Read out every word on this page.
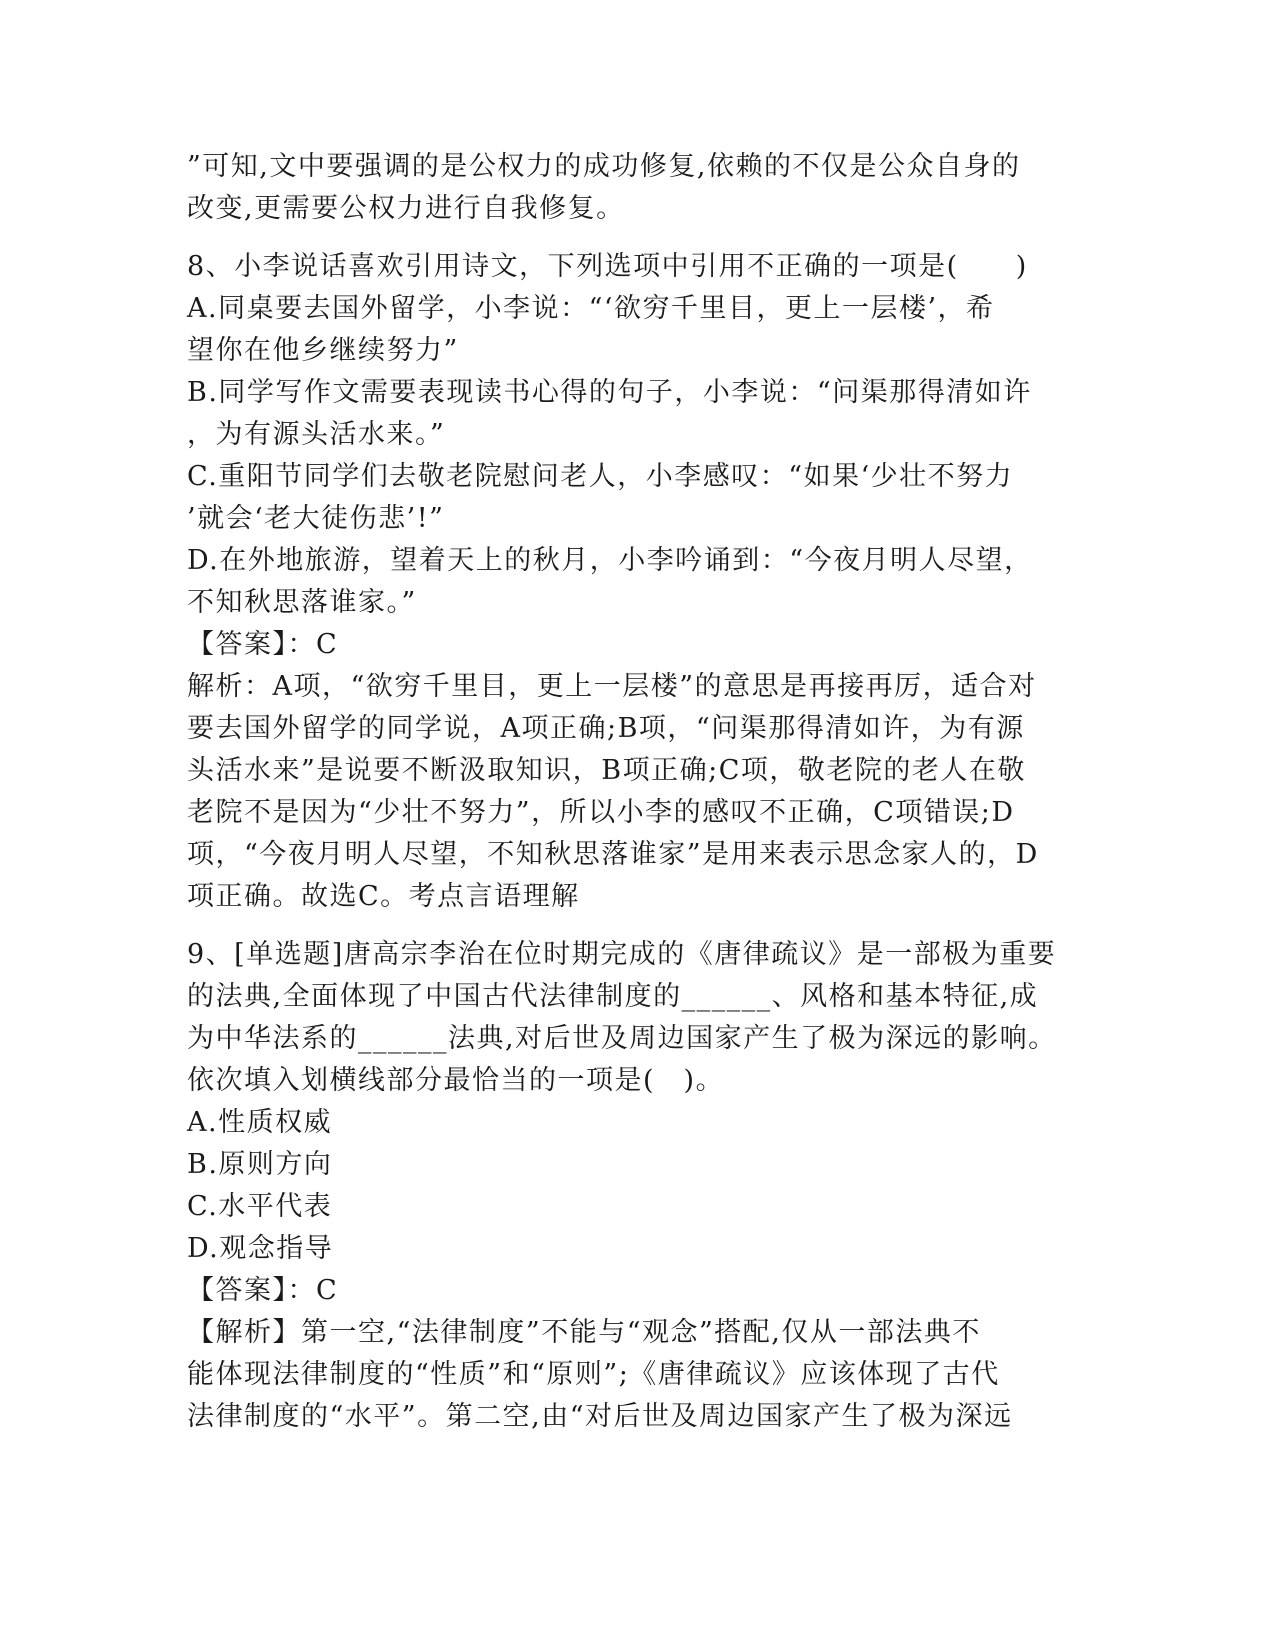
”可知,文中要强调的是公权力的成功修复,依赖的不仅是公众自身的
改变,更需要公权力进行自我修复。
8、小李说话喜欢引用诗文，下列选项中引用不正确的一项是(　　)
A.同桌要去国外留学，小李说：“‘欲穷千里目，更上一层楼’，希
望你在他乡继续努力”
B.同学写作文需要表现读书心得的句子，小李说：“问渠那得清如许
，为有源头活水来。”
C.重阳节同学们去敬老院慰问老人，小李感叹：“如果‘少壮不努力
’就会‘老大徒伤悲’!”
D.在外地旅游，望着天上的秋月，小李吟诵到：“今夜月明人尽望，
不知秋思落谁家。”
【答案】：C
解析：A项，“欲穷千里目，更上一层楼”的意思是再接再厉，适合对
要去国外留学的同学说，A项正确;B项，“问渠那得清如许，为有源
头活水来”是说要不断汲取知识，B项正确;C项，敬老院的老人在敬
老院不是因为“少壮不努力”，所以小李的感叹不正确，C项错误;D
项，“今夜月明人尽望，不知秋思落谁家”是用来表示思念家人的，D
项正确。故选C。考点言语理解
9、[单选题]唐高宗李治在位时期完成的《唐律疏议》是一部极为重要
的法典,全面体现了中国古代法律制度的______、风格和基本特征,成
为中华法系的______法典,对后世及周边国家产生了极为深远的影响。
依次填入划横线部分最恰当的一项是(　)。
A.性质权威
B.原则方向
C.水平代表
D.观念指导
【答案】：C
【解析】第一空,“法律制度”不能与“观念”搭配,仅从一部法典不
能体现法律制度的“性质”和“原则”;《唐律疏议》应该体现了古代
法律制度的“水平”。第二空,由“对后世及周边国家产生了极为深远
